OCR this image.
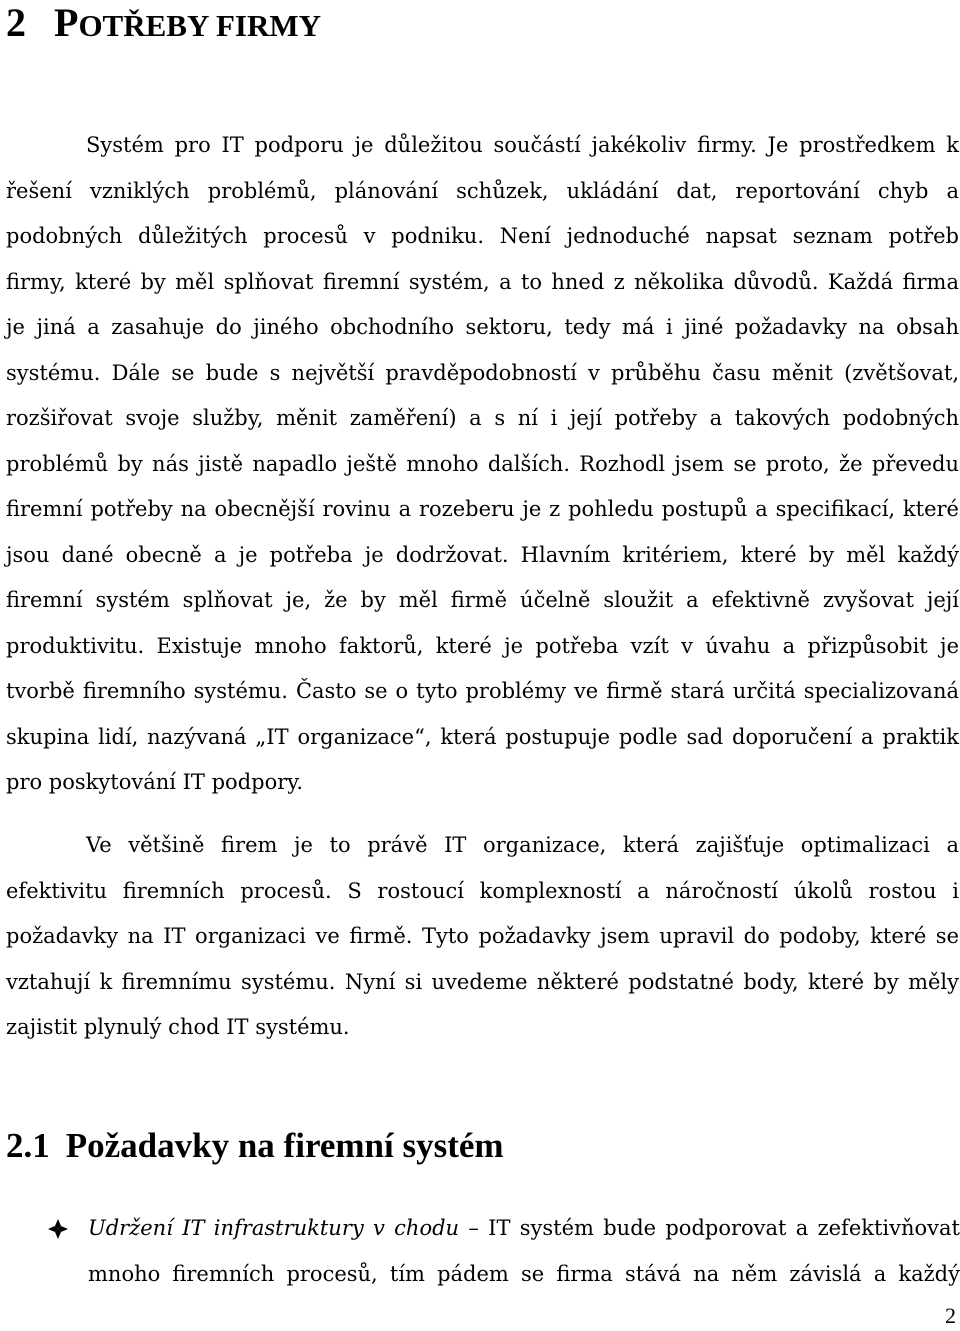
2 POTŘEBY FIRMY
Systém pro IT podporu je důležitou součástí jakékoliv firmy. Je prostředkem k
řešení vzniklých problémů, plánování schůzek, ukládání dat, reportování chyb a
podobných důležitých procesů v podniku. Není jednoduché napsat seznam potřeb
firmy, které by měl splňovat firemní systém, a to hned z několika důvodů. Každá firma
je jiná a zasahuje do jiného obchodního sektoru, tedy má i jiné požadavky na obsah
systému. Dále se bude s největší pravděpodobností v průběhu času měnit (zvětšovat,
rozšiřovat svoje služby, měnit zaměření) a s ní i její potřeby a takových podobných
problémů by nás jistě napadlo ještě mnoho dalších. Rozhodl jsem se proto, že převedu
firemní potřeby na obecnější rovinu a rozeberu je z pohledu postupů a specifikací, které
jsou dané obecně a je potřeba je dodržovat. Hlavním kritériem, které by měl každý
firemní systém splňovat je, že by měl firmě účelně sloužit a efektivně zvyšovat její
produktivitu. Existuje mnoho faktorů, které je potřeba vzít v úvahu a přizpůsobit je
tvorbě firemního systému. Často se o tyto problémy ve firmě stará určitá specializovaná
skupina lidí, nazývaná „IT organizace“, která postupuje podle sad doporučení a praktik
pro poskytování IT podpory.
Ve většině firem je to právě IT organizace, která zajišťuje optimalizaci a
efektivitu firemních procesů. S rostoucí komplexností a náročností úkolů rostou i
požadavky na IT organizaci ve firmě. Tyto požadavky jsem upravil do podoby, které se
vztahují k firemnímu systému. Nyní si uvedeme některé podstatné body, které by měly
zajistit plynulý chod IT systému.
2.1 Požadavky na firemní systém
Udržení IT infrastruktury v chodu – IT systém bude podporovat a zefektivňovat
mnoho firemních procesů, tím pádem se firma stává na něm závislá a každý
2
